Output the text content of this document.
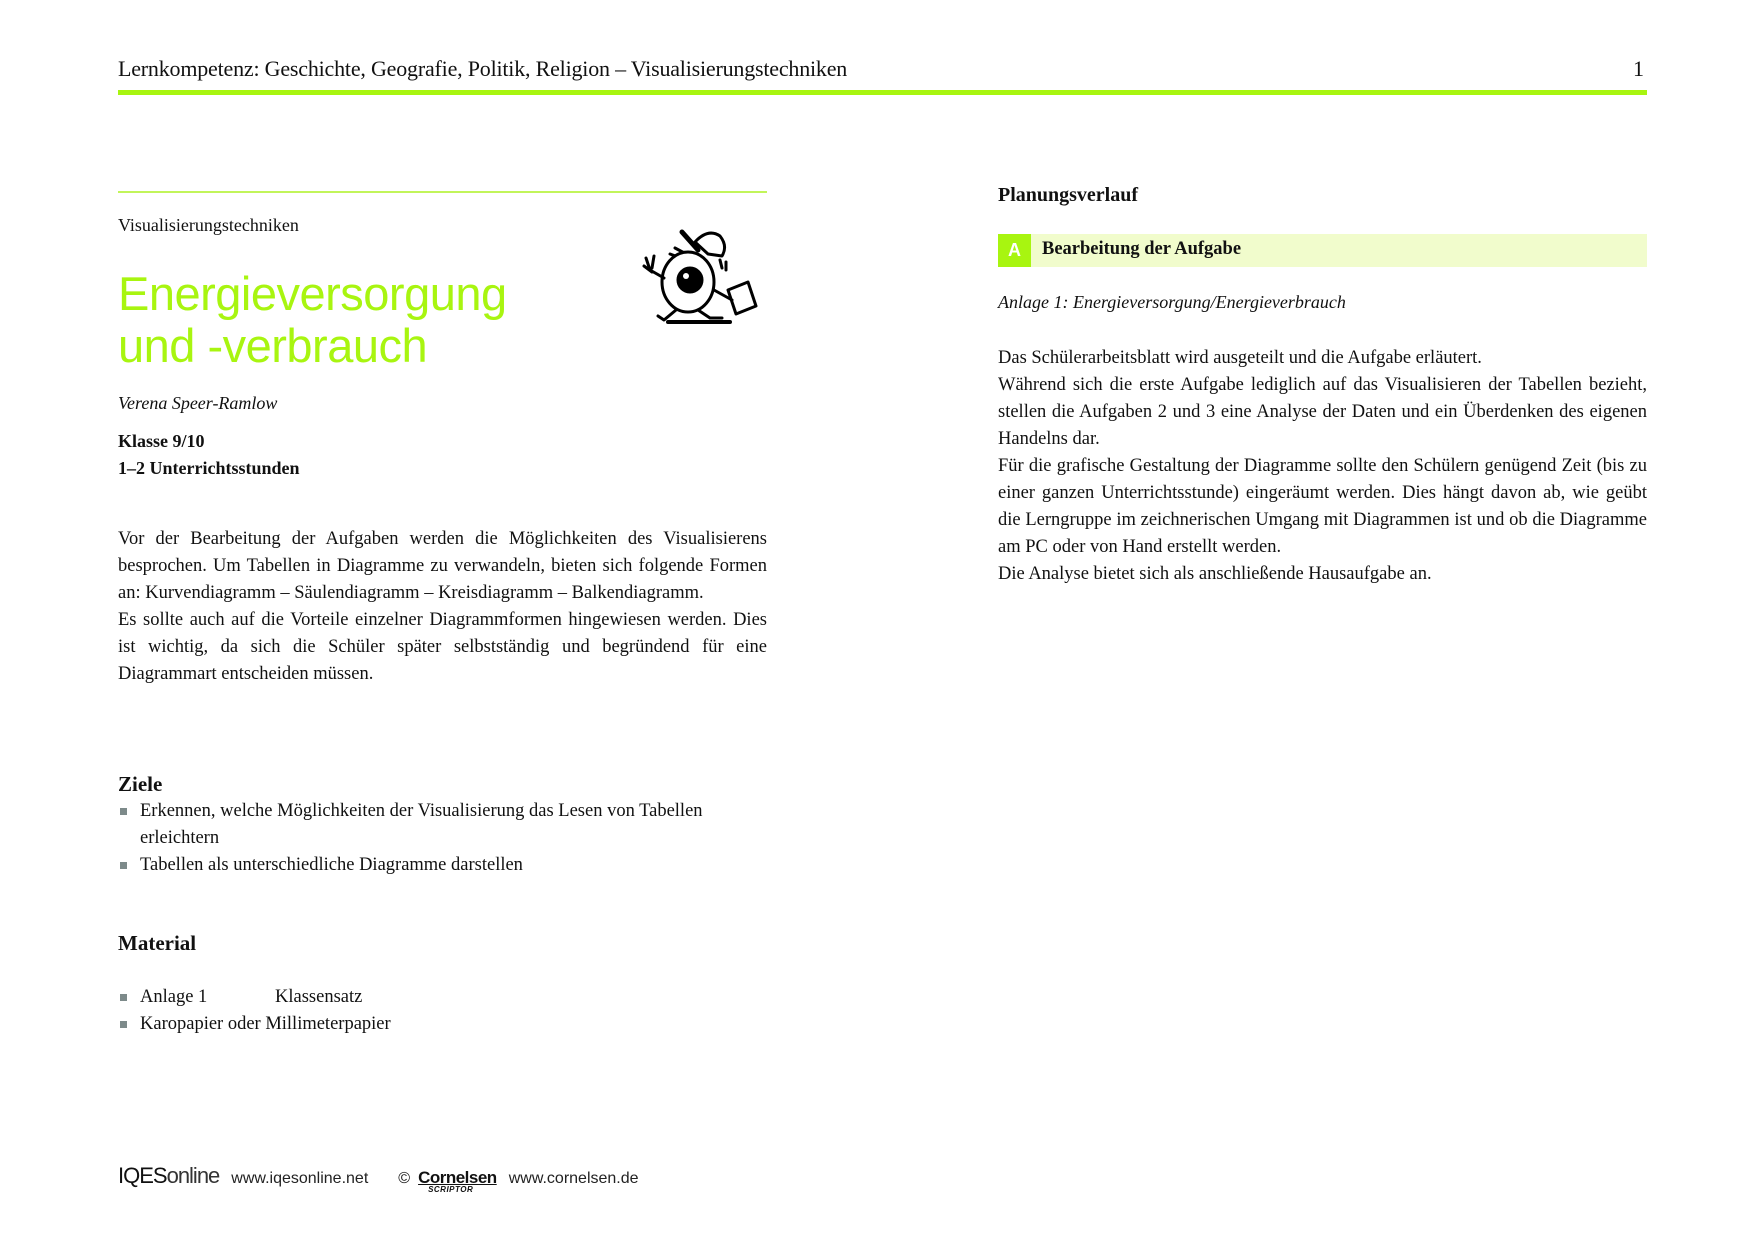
Lernkompetenz: Geschichte, Geografie, Politik, Religion – Visualisierungstechniken	1
Visualisierungstechniken
Energieversorgung
und -verbrauch
Verena Speer-Ramlow
Klasse 9/10
1–2 Unterrichtsstunden
Vor der Bearbeitung der Aufgaben werden die Möglichkeiten des Visualisierens besprochen. Um Tabellen in Diagramme zu verwandeln, bieten sich folgende Formen an: Kurvendiagramm – Säulendiagramm – Kreisdiagramm – Balkendiagramm.
Es sollte auch auf die Vorteile einzelner Diagrammformen hingewiesen werden. Dies ist wichtig, da sich die Schüler später selbstständig und begründend für eine Diagrammart entscheiden müssen.
Ziele
Erkennen, welche Möglichkeiten der Visualisierung das Lesen von Tabellen erleichtern
Tabellen als unterschiedliche Diagramme darstellen
Material
Anlage 1	Klassensatz
Karopapier oder Millimeterpapier
Planungsverlauf
A	Bearbeitung der Aufgabe
Anlage 1: Energieversorgung/Energieverbrauch
Das Schülerarbeitsblatt wird ausgeteilt und die Aufgabe erläutert.
Während sich die erste Aufgabe lediglich auf das Visualisieren der Tabellen bezieht, stellen die Aufgaben 2 und 3 eine Analyse der Daten und ein Überdenken des eigenen Handelns dar.
Für die grafische Gestaltung der Diagramme sollte den Schülern genügend Zeit (bis zu einer ganzen Unterrichtsstunde) eingeräumt werden. Dies hängt davon ab, wie geübt die Lerngruppe im zeichnerischen Umgang mit Diagrammen ist und ob die Diagramme am PC oder von Hand erstellt werden.
Die Analyse bietet sich als anschließende Hausaufgabe an.
IQESonline www.iqesonline.net © Cornelsen
SCRIPTOR
www.cornelsen.de
